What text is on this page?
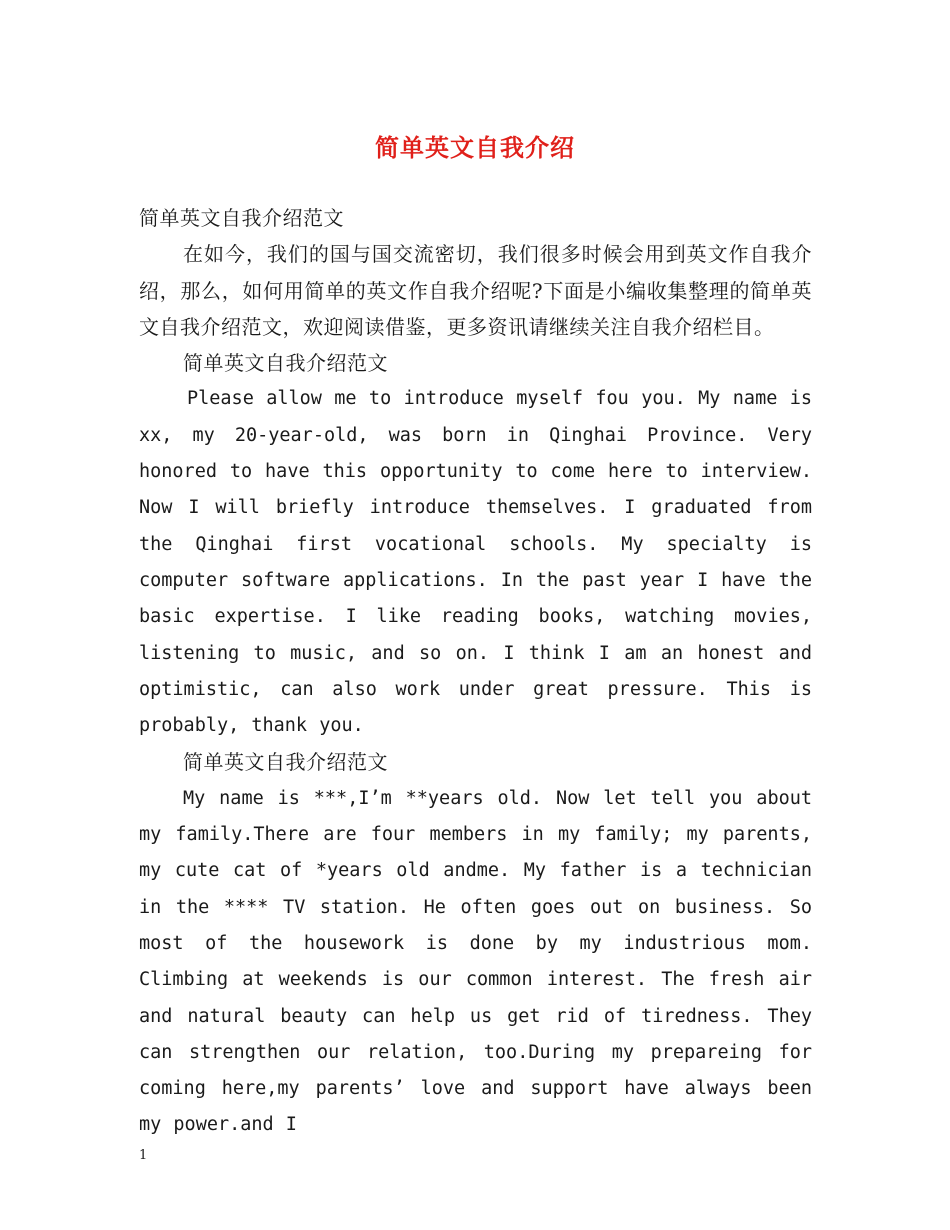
简单英文自我介绍

简单英文自我介绍范文

在如今，我们的国与国交流密切，我们很多时候会用到英文作自我介绍，那么，如何用简单的英文作自我介绍呢?下面是小编收集整理的简单英文自我介绍范文，欢迎阅读借鉴，更多资讯请继续关注自我介绍栏目。

简单英文自我介绍范文

Please allow me to introduce myself fou you. My name is xx, my 20-year-old, was born in Qinghai Province. Very honored to have this opportunity to come here to interview. Now I will briefly introduce themselves. I graduated from the Qinghai first vocational schools. My specialty is computer software applications. In the past year I have the basic expertise. I like reading books, watching movies, listening to music, and so on. I think I am an honest and optimistic, can also work under great pressure. This is probably, thank you.

简单英文自我介绍范文

My name is ***,I’m **years old. Now let tell you about my family.There are four members in my family; my parents, my cute cat of *years old andme. My father is a technician in the **** TV station. He often goes out on business. So most of the housework is done by my industrious mom. Climbing at weekends is our common interest. The fresh air and natural beauty can help us get rid of tiredness. They can strengthen our relation, too.During my prepareing for coming here,my parents’ love and support have always been my power.and I

1
